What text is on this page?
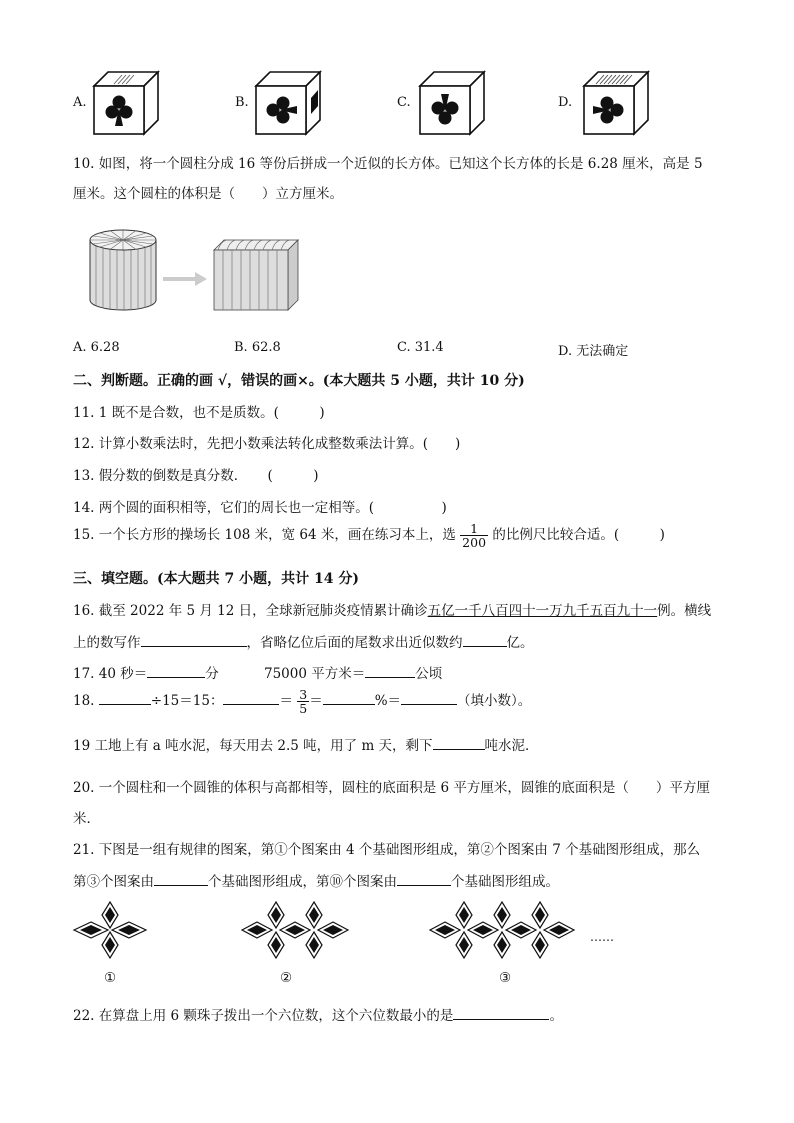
A.	B.	C.	D.
10. 如图，将一个圆柱分成 16 等份后拼成一个近似的长方体。已知这个长方体的长是 6.28 厘米，高是 5
厘米。这个圆柱的体积是（　　）立方厘米。
A. 6.28	B. 62.8	C. 31.4	D. 无法确定
二、判断题。正确的画 √，错误的画×。(本大题共 5 小题，共计 10 分)
11. 1 既不是合数，也不是质数。(　　　)
12. 计算小数乘法时，先把小数乘法转化成整数乘法计算。(　　)
13. 假分数的倒数是真分数．　　(　　　)
14. 两个圆的面积相等，它们的周长也一定相等。(　　　　　)
15. 一个长方形的操场长 108 米，宽 64 米，画在练习本上，选 $\frac{1}{200}$ 的比例尺比较合适。(　　　)
三、填空题。(本大题共 7 小题，共计 14 分)
16. 截至 2022 年 5 月 12 日，全球新冠肺炎疫情累计确诊五亿一千八百四十一万九千五百九十一例。横线
上的数写作	，省略亿位后面的尾数求出近似数约	亿。
17. 40 秒＝	分	75000 平方米＝	公顷
18.	÷15＝15：	＝ $\frac{3}{5}$ ＝	%＝	（填小数）。
19 工地上有 a 吨水泥，每天用去 2.5 吨，用了 m 天，剩下	吨水泥．
20. 一个圆柱和一个圆锥的体积与高都相等，圆柱的底面积是 6 平方厘米，圆锥的底面积是（　　）平方厘
米．
21. 下图是一组有规律的图案，第①个图案由 4 个基础图形组成，第②个图案由 7 个基础图形组成，那么
第③个图案由	个基础图形组成，第⑩个图案由	个基础图形组成。
①	②	③
……
22. 在算盘上用 6 颗珠子拨出一个六位数，这个六位数最小的是	。
